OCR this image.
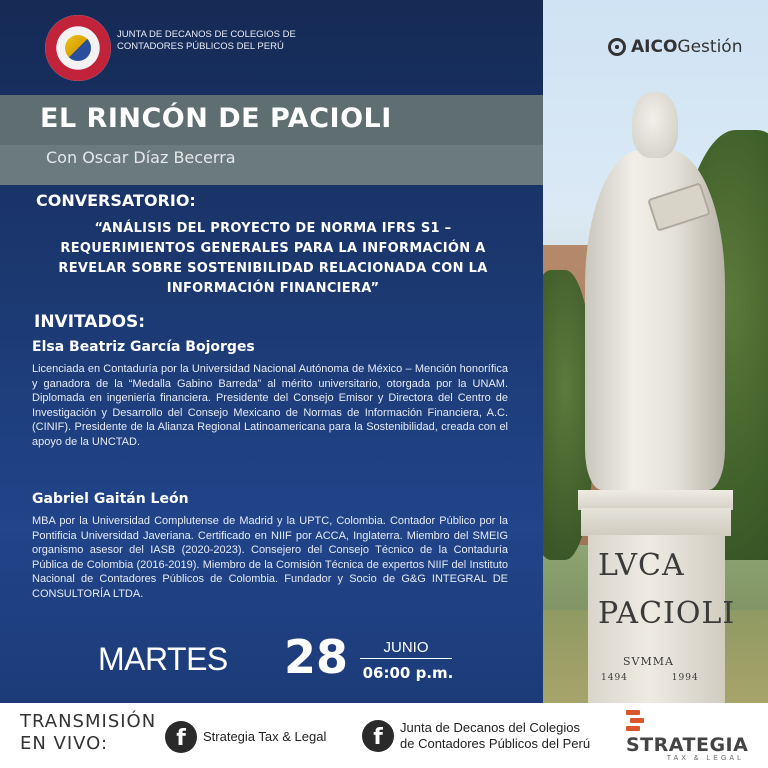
JUNTA DE DECANOS DE COLEGIOS DE CONTADORES PÚBLICOS DEL PERÚ
EL RINCÓN DE PACIOLI
Con Oscar Díaz Becerra
CONVERSATORIO:
“ANÁLISIS DEL PROYECTO DE NORMA IFRS S1 – REQUERIMIENTOS GENERALES PARA LA INFORMACIÓN A REVELAR SOBRE SOSTENIBILIDAD RELACIONADA CON LA INFORMACIÓN FINANCIERA”
INVITADOS:
Elsa Beatriz García Bojorges
Licenciada en Contaduría por la Universidad Nacional Autónoma de México – Mención honorífica y ganadora de la “Medalla Gabino Barreda” al mérito universitario, otorgada por la UNAM. Diplomada en ingeniería financiera. Presidente del Consejo Emisor y Directora del Centro de Investigación y Desarrollo del Consejo Mexicano de Normas de Información Financiera, A.C. (CINIF). Presidente de la Alianza Regional Latinoamericana para la Sostenibilidad, creada con el apoyo de la UNCTAD.
Gabriel Gaitán León
MBA por la Universidad Complutense de Madrid y la UPTC, Colombia. Contador Público por la Pontificia Universidad Javeriana. Certificado en NIIF por ACCA, Inglaterra. Miembro del SMEIG organismo asesor del IASB (2020-2023). Consejero del Consejo Técnico de la Contaduría Pública de Colombia (2016-2019). Miembro de la Comisión Técnica de expertos NIIF del Instituto Nacional de Contadores Públicos de Colombia. Fundador y Socio de G&G INTEGRAL DE CONSULTORÍA LTDA.
MARTES 28	JUNIO
06:00 p.m.
LVCA
PACIOLI
SVMMA
1494	1994
AICOGestión
TRANSMISIÓN
EN VIVO:	f	Strategia Tax & Legal	f	Junta de Decanos del Colegios
de Contadores Públicos del Perú STRATEGIA
TAX & LEGAL
